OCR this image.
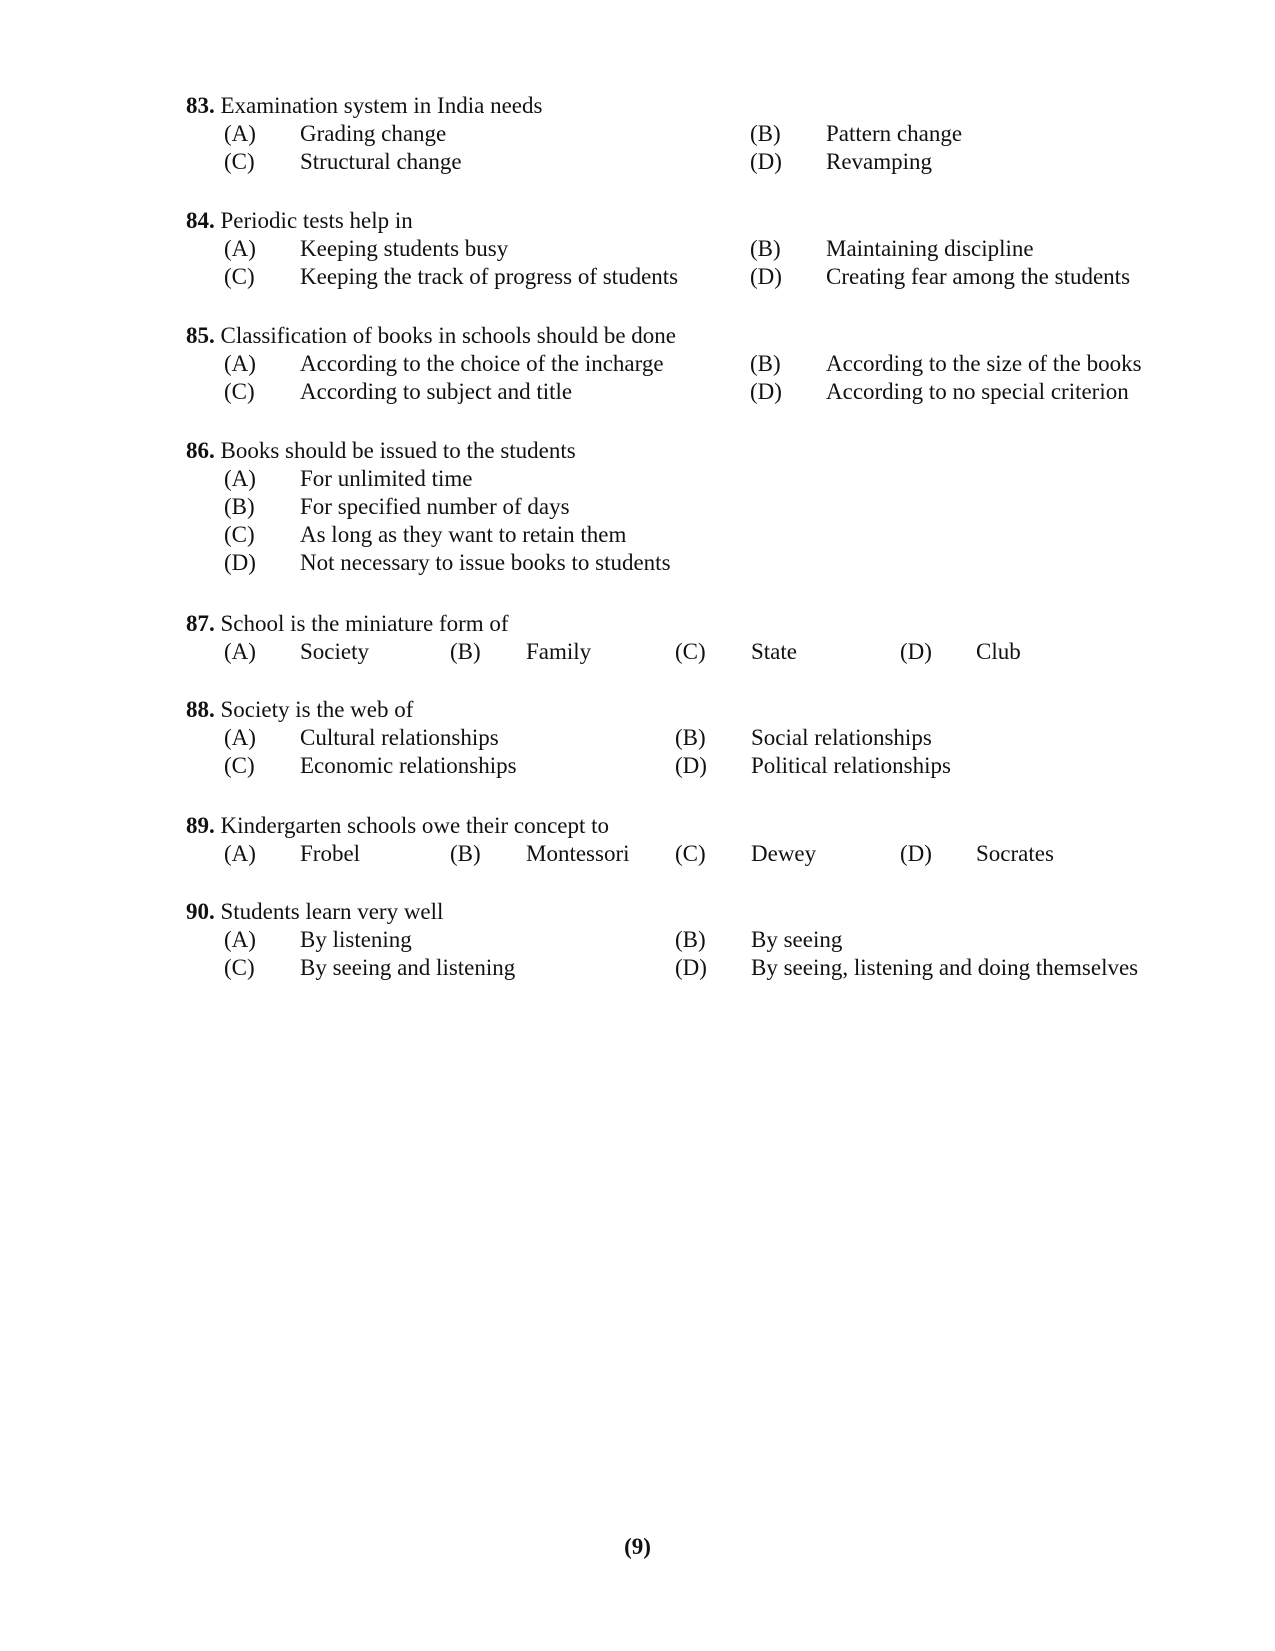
83. Examination system in India needs
(A) Grading change	(B) Pattern change
(C) Structural change	(D) Revamping
84. Periodic tests help in
(A) Keeping students busy	(B) Maintaining discipline
(C) Keeping the track of progress of students	(D) Creating fear among the students
85. Classification of books in schools should be done
(A) According to the choice of the incharge	(B) According to the size of the books
(C) According to subject and title	(D) According to no special criterion
86. Books should be issued to the students
(A) For unlimited time
(B) For specified number of days
(C) As long as they want to retain them
(D) Not necessary to issue books to students
87. School is the miniature form of
(A) Society	(B) Family	(C) State	(D) Club
88. Society is the web of
(A) Cultural relationships	(B) Social relationships
(C) Economic relationships	(D) Political relationships
89. Kindergarten schools owe their concept to
(A) Frobel	(B) Montessori (C) Dewey	(D) Socrates
90. Students learn very well
(A) By listening	(B) By seeing
(C) By seeing and listening	(D) By seeing, listening and doing themselves
(9)
